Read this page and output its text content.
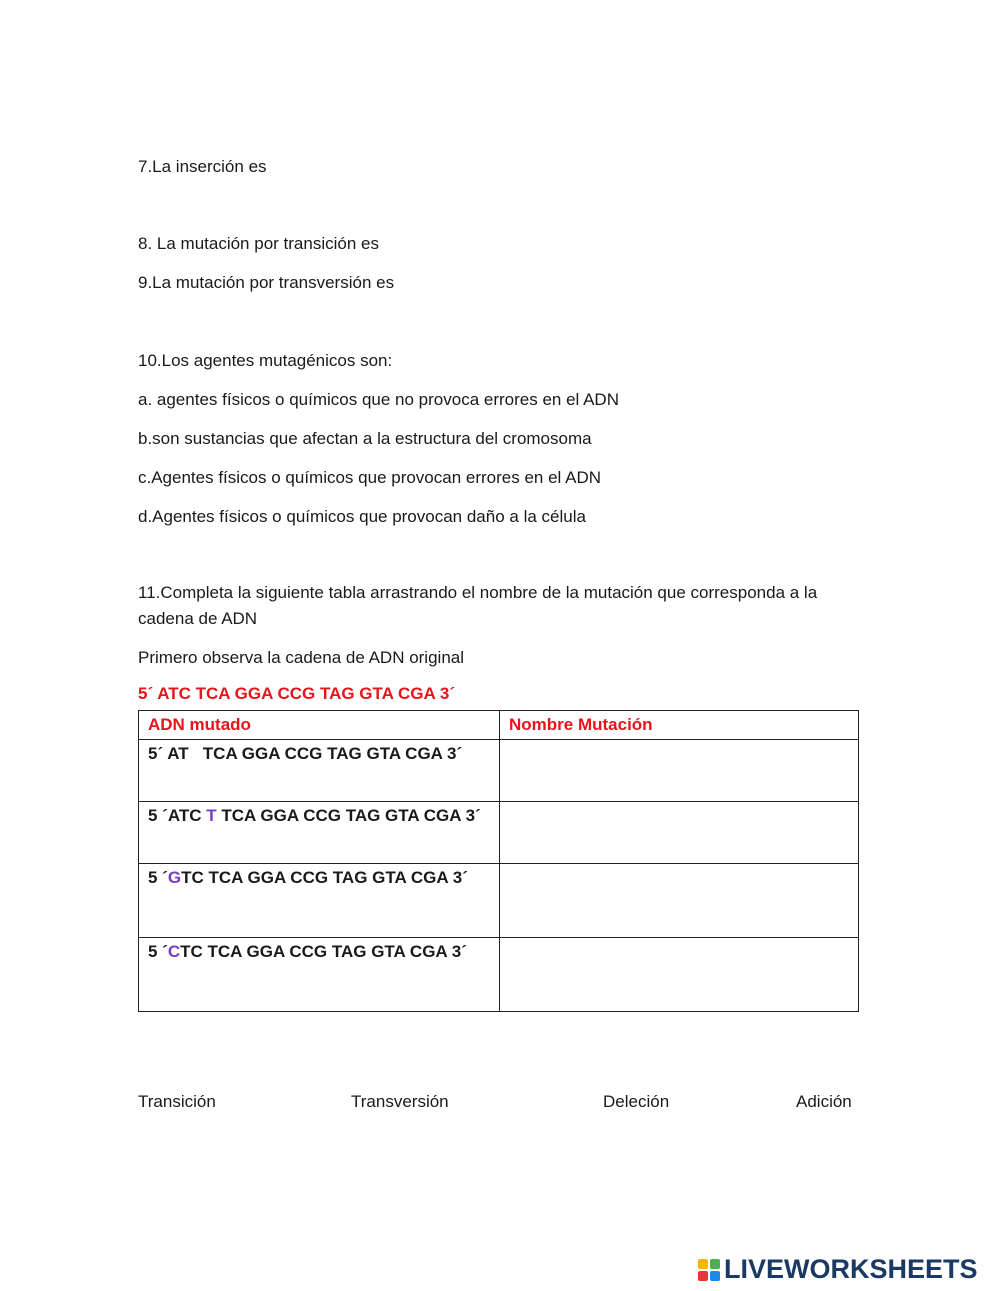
7.La inserción es
8. La mutación por transición es
9.La mutación por transversión es
10.Los agentes mutagénicos son:
a. agentes físicos o químicos que no provoca errores en el ADN
b.son sustancias que afectan a la estructura del cromosoma
c.Agentes físicos o químicos que provocan errores en el ADN
d.Agentes físicos o químicos que provocan daño a la célula
11.Completa la siguiente tabla arrastrando el nombre de la mutación que corresponda a la cadena de ADN
Primero observa la cadena de ADN original
5´ ATC TCA GGA CCG TAG GTA CGA 3´
ADN mutado	Nombre Mutación
5´ AT   TCA GGA CCG TAG GTA CGA 3´	
5 ´ATC T TCA GGA CCG TAG GTA CGA 3´	
5 ´GTC TCA GGA CCG TAG GTA CGA 3´	
5 ´CTC TCA GGA CCG TAG GTA CGA 3´	
Transición	Transversión	Deleción	Adición
LIVEWORKSHEETS
